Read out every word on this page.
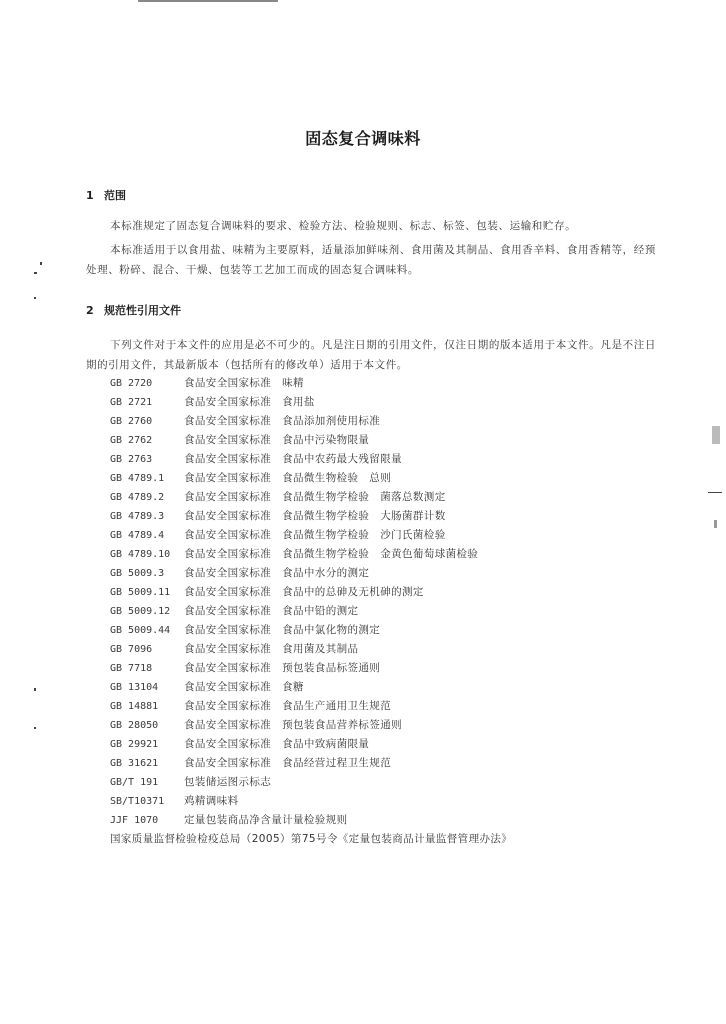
固态复合调味料
1 范围
本标准规定了固态复合调味料的要求、检验方法、检验规则、标志、标签、包装、运输和贮存。
本标准适用于以食用盐、味精为主要原料，适量添加鲜味剂、食用菌及其制品、食用香辛料、食用香精等，经预处理、粉碎、混合、干燥、包装等工艺加工而成的固态复合调味料。
2 规范性引用文件
下列文件对于本文件的应用是必不可少的。凡是注日期的引用文件，仅注日期的版本适用于本文件。凡是不注日期的引用文件，其最新版本（包括所有的修改单）适用于本文件。
GB 2720	食品安全国家标准　味精
GB 2721	食品安全国家标准　食用盐
GB 2760	食品安全国家标准　食品添加剂使用标准
GB 2762	食品安全国家标准　食品中污染物限量
GB 2763	食品安全国家标准　食品中农药最大残留限量
GB 4789.1 食品安全国家标准　食品微生物检验　总则
GB 4789.2 食品安全国家标准　食品微生物学检验　菌落总数测定
GB 4789.3 食品安全国家标准　食品微生物学检验　大肠菌群计数
GB 4789.4 食品安全国家标准　食品微生物学检验　沙门氏菌检验
GB 4789.10 食品安全国家标准　食品微生物学检验　金黄色葡萄球菌检验
GB 5009.3 食品安全国家标准　食品中水分的测定
GB 5009.11 食品安全国家标准　食品中的总砷及无机砷的测定
GB 5009.12 食品安全国家标准　食品中铅的测定
GB 5009.44 食品安全国家标准　食品中氯化物的测定
GB 7096	食品安全国家标准　食用菌及其制品
GB 7718	食品安全国家标准　预包装食品标签通则
GB 13104 食品安全国家标准　食糖
GB 14881 食品安全国家标准　食品生产通用卫生规范
GB 28050 食品安全国家标准　预包装食品营养标签通则
GB 29921 食品安全国家标准　食品中致病菌限量
GB 31621 食品安全国家标准　食品经营过程卫生规范
GB/T 191 包装储运图示标志
SB/T10371 鸡精调味料
JJF 1070 定量包装商品净含量计量检验规则
国家质量监督检验检疫总局（2005）第75号令《定量包装商品计量监督管理办法》
